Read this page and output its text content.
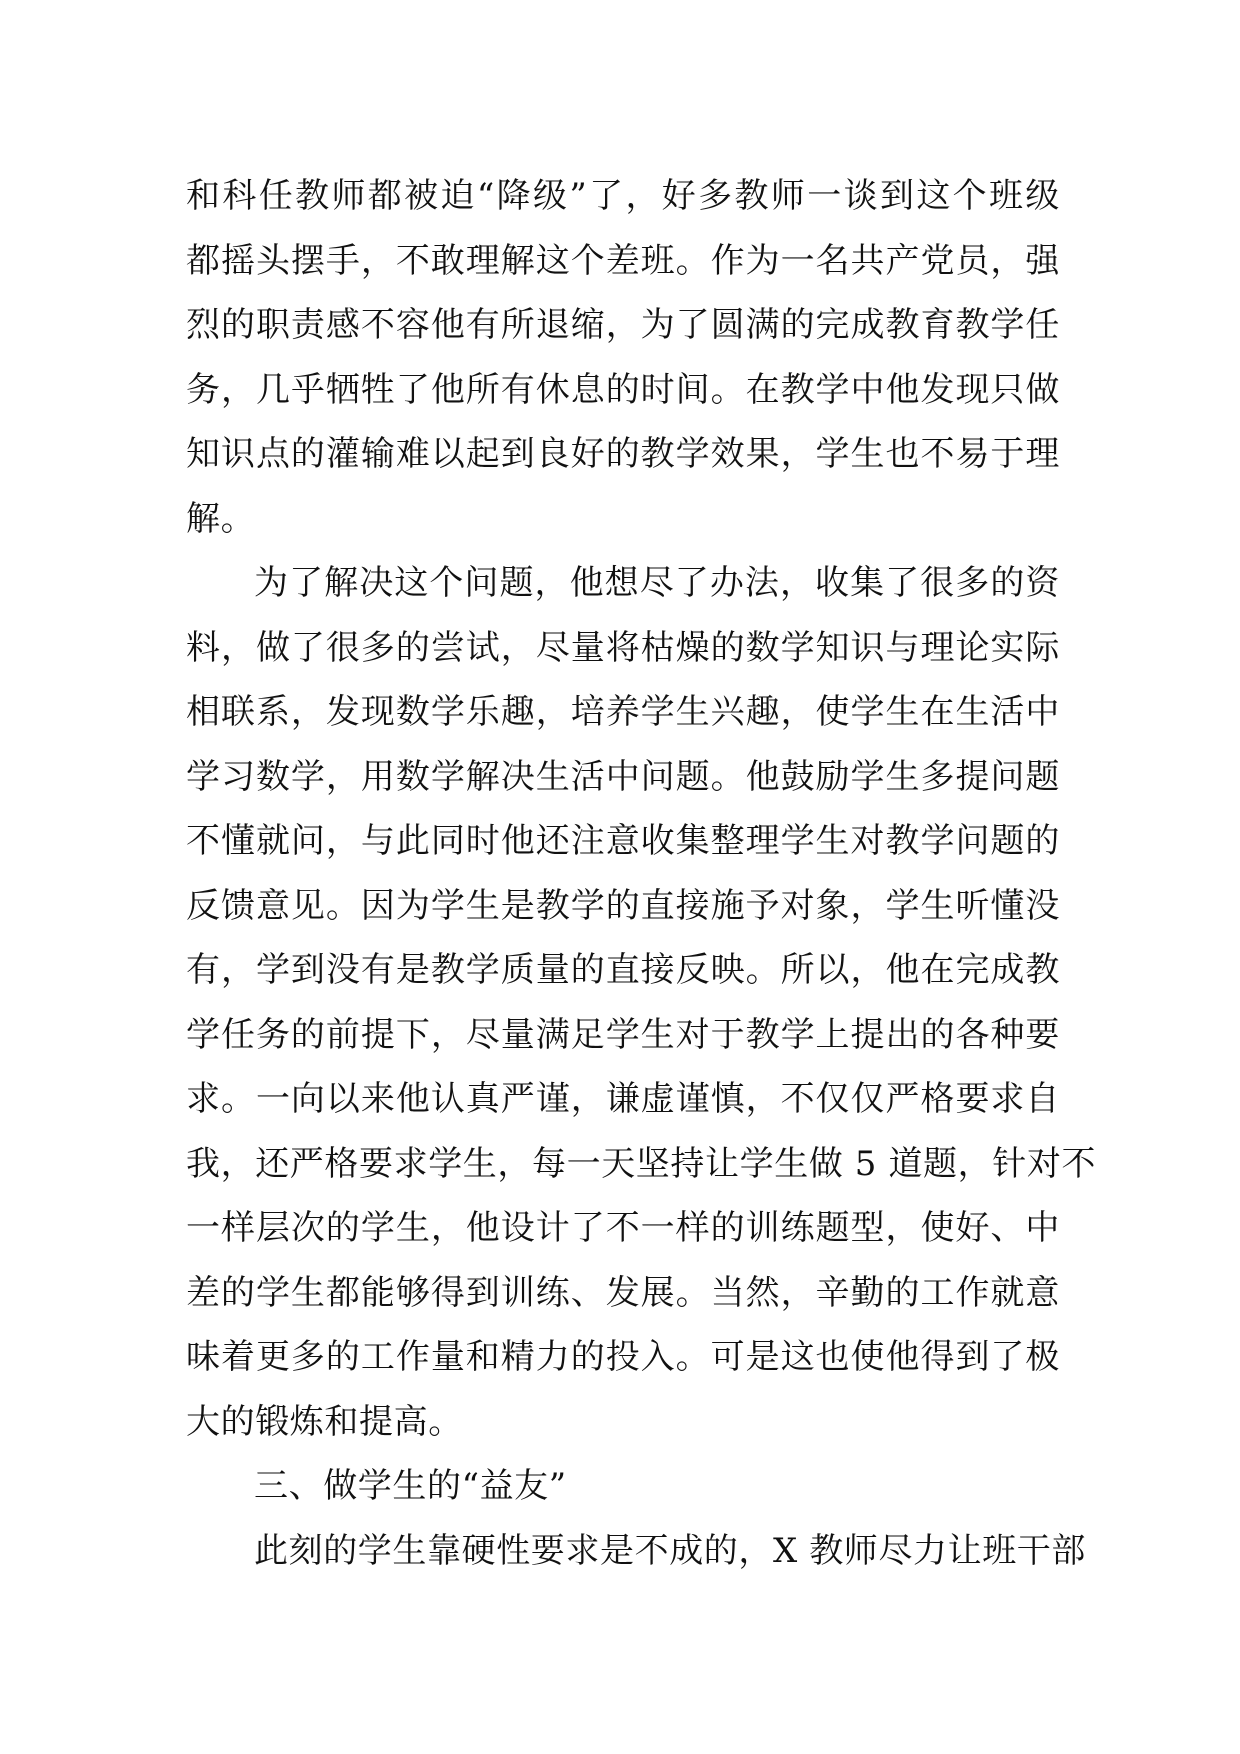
和科任教师都被迫“降级”了，好多教师一谈到这个班级
都摇头摆手，不敢理解这个差班。作为一名共产党员，强
烈的职责感不容他有所退缩，为了圆满的完成教育教学任
务，几乎牺牲了他所有休息的时间。在教学中他发现只做
知识点的灌输难以起到良好的教学效果，学生也不易于理
解。
为了解决这个问题，他想尽了办法，收集了很多的资
料，做了很多的尝试，尽量将枯燥的数学知识与理论实际
相联系，发现数学乐趣，培养学生兴趣，使学生在生活中
学习数学，用数学解决生活中问题。他鼓励学生多提问题
不懂就问，与此同时他还注意收集整理学生对教学问题的
反馈意见。因为学生是教学的直接施予对象，学生听懂没
有，学到没有是教学质量的直接反映。所以，他在完成教
学任务的前提下，尽量满足学生对于教学上提出的各种要
求。一向以来他认真严谨，谦虚谨慎，不仅仅严格要求自
我，还严格要求学生，每一天坚持让学生做 5 道题，针对不
一样层次的学生，他设计了不一样的训练题型，使好、中
差的学生都能够得到训练、发展。当然，辛勤的工作就意
味着更多的工作量和精力的投入。可是这也使他得到了极
大的锻炼和提高。
三、做学生的“益友”
此刻的学生靠硬性要求是不成的，X 教师尽力让班干部
